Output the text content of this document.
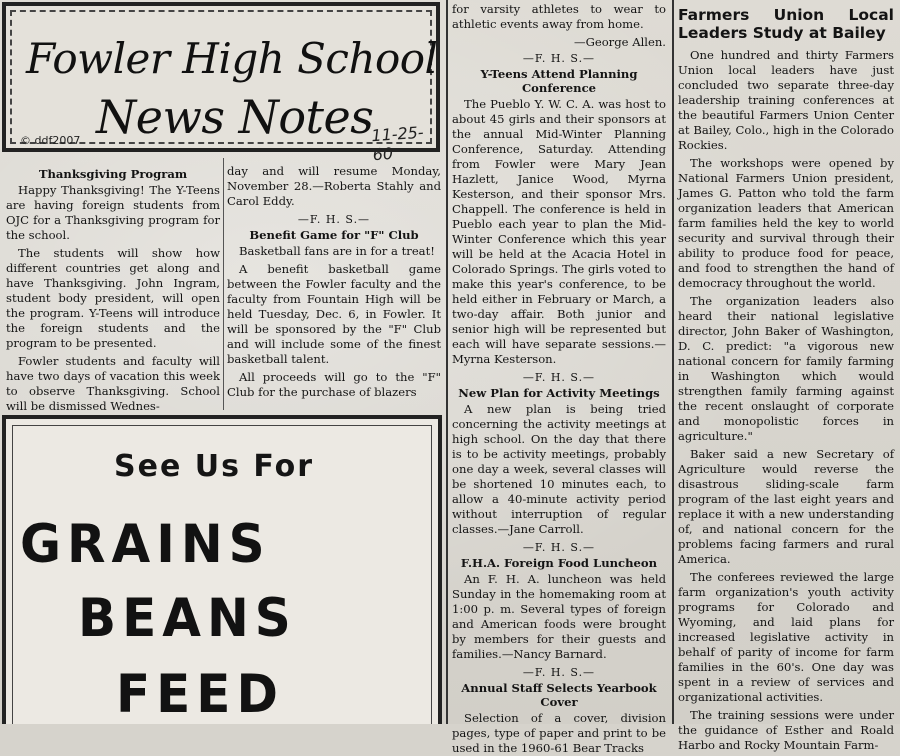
Fowler High School
News Notes
11-25-60
© ddf2007
Thanksgiving Program

Happy Thanksgiving! The Y-Teens are having foreign students from OJC for a Thanksgiving program for the school.

The students will show how different countries get along and have Thanksgiving. John Ingram, student body president, will open the program. Y-Teens will introduce the foreign students and the program to be presented.

Fowler students and faculty will have two days of vacation this week to observe Thanksgiving. School will be dismissed Wednes-

day and will resume Monday, November 28.—Roberta Stahly and Carol Eddy.

—F. H. S.—
Benefit Game for "F" Club

Basketball fans are in for a treat!

A benefit basketball game between the Fowler faculty and the faculty from Fountain High will be held Tuesday, Dec. 6, in Fowler. It will be sponsored by the "F" Club and will include some of the finest basketball talent.

All proceeds will go to the "F" Club for the purchase of blazers

for varsity athletes to wear to athletic events away from home.

—George Allen.
—F. H. S.—
Y-Teens Attend Planning Conference

The Pueblo Y. W. C. A. was host to about 45 girls and their sponsors at the annual Mid-Winter Planning Conference, Saturday. Attending from Fowler were Mary Jean Hazlett, Janice Wood, Myrna Kesterson, and their sponsor Mrs. Chappell. The conference is held in Pueblo each year to plan the Mid-Winter Conference which this year will be held at the Acacia Hotel in Colorado Springs. The girls voted to make this year's conference, to be held either in February or March, a two-day affair. Both junior and senior high will be represented but each will have separate sessions.—Myrna Kesterson.

—F. H. S.—
New Plan for Activity Meetings

A new plan is being tried concerning the activity meetings at high school. On the day that there is to be activity meetings, probably one day a week, several classes will be shortened 10 minutes each, to allow a 40-minute activity period without interruption of regular classes.—Jane Carroll.

—F. H. S.—
F.H.A. Foreign Food Luncheon

An F. H. A. luncheon was held Sunday in the homemaking room at 1:00 p. m. Several types of foreign and American foods were brought by members for their guests and families.—Nancy Barnard.

—F. H. S.—
Annual Staff Selects Yearbook Cover

Selection of a cover, division pages, type of paper and print to be used in the 1960-61 Bear Tracks

Farmers Union Local Leaders Study at Bailey

One hundred and thirty Farmers Union local leaders have just concluded two separate three-day leadership training conferences at the beautiful Farmers Union Center at Bailey, Colo., high in the Colorado Rockies.

The workshops were opened by National Farmers Union president, James G. Patton who told the farm organization leaders that American farm families held the key to world security and survival through their ability to produce food for peace, and food to strengthen the hand of democracy throughout the world.

The organization leaders also heard their national legislative director, John Baker of Washington, D. C. predict: "a vigorous new national concern for family farming in Washington which would strengthen family farming against the recent onslaught of corporate and monopolistic forces in agriculture."

Baker said a new Secretary of Agriculture would reverse the disastrous sliding-scale farm program of the last eight years and replace it with a new understanding of, and national concern for the problems facing farmers and rural America.

The conferees reviewed the large farm organization's youth activity programs for Colorado and Wyoming, and laid plans for increased legislative activity in behalf of parity of income for farm families in the 60's. One day was spent in a review of services and organizational activities.

The training sessions were under the guidance of Esther and Roald Harbo and Rocky Mountain Farm-

See Us For
GRAINS
BEANS
FEED
